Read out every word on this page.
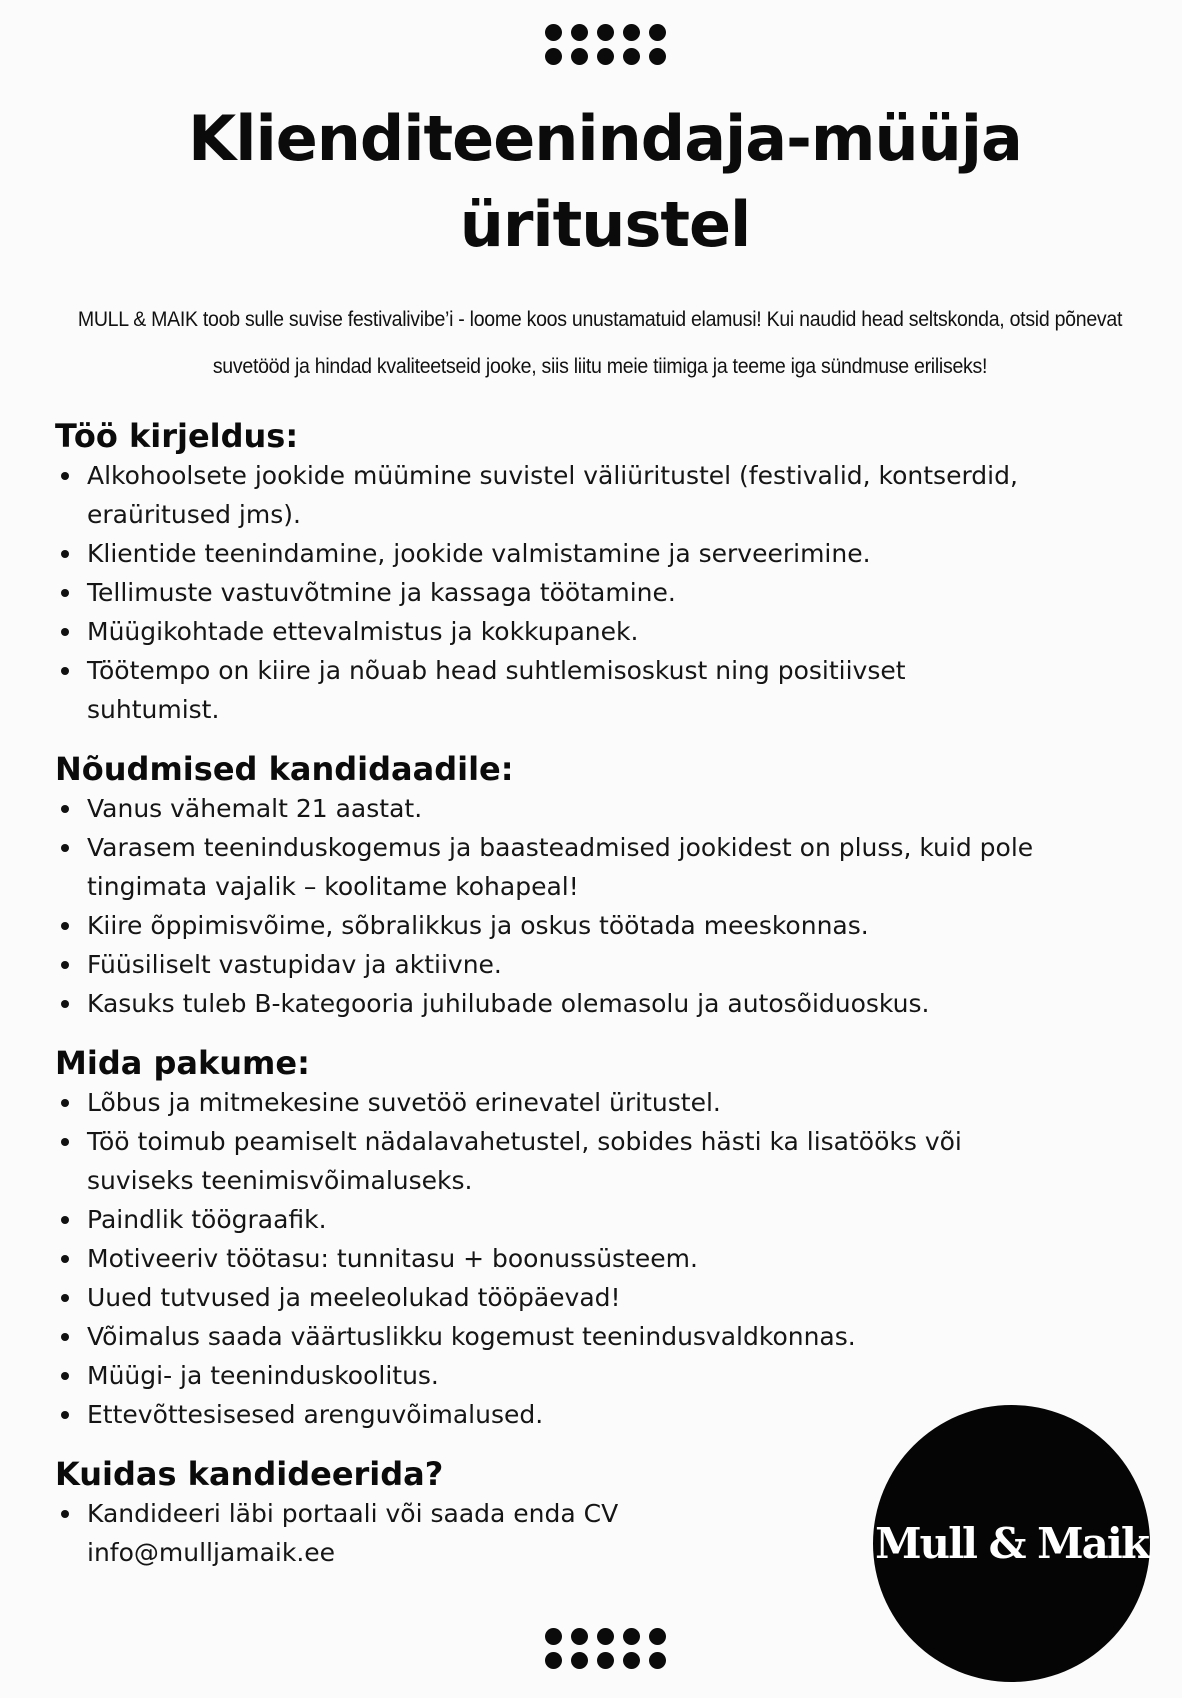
Klienditeenindaja-müüja üritustel

MULL & MAIK toob sulle suvise festivalivibe’i - loome koos unustamatuid elamusi! Kui naudid head seltskonda, otsid põnevat suvetööd ja hindad kvaliteetseid jooke, siis liitu meie tiimiga ja teeme iga sündmuse eriliseks!

Töö kirjeldus:
Alkohoolsete jookide müümine suvistel väliüritustel (festivalid, kontserdid, eraüritused jms).
Klientide teenindamine, jookide valmistamine ja serveerimine.
Tellimuste vastuvõtmine ja kassaga töötamine.
Müügikohtade ettevalmistus ja kokkupanek.
Töötempo on kiire ja nõuab head suhtlemisoskust ning positiivset suhtumist.
Nõudmised kandidaadile:
Vanus vähemalt 21 aastat.
Varasem teeninduskogemus ja baasteadmised jookidest on pluss, kuid pole tingimata vajalik – koolitame kohapeal!
Kiire õppimisvõime, sõbralikkus ja oskus töötada meeskonnas.
Füüsiliselt vastupidav ja aktiivne.
Kasuks tuleb B-kategooria juhilubade olemasolu ja autosõiduoskus.
Mida pakume:
Lõbus ja mitmekesine suvetöö erinevatel üritustel.
Töö toimub peamiselt nädalavahetustel, sobides hästi ka lisatööks või suviseks teenimisvõimaluseks.
Paindlik töögraafik.
Motiveeriv töötasu: tunnitasu + boonussüsteem.
Uued tutvused ja meeleolukad tööpäevad!
Võimalus saada väärtuslikku kogemust teenindusvaldkonnas.
Müügi- ja teeninduskoolitus.
Ettevõttesisesed arenguvõimalused.
Kuidas kandideerida?
Kandideeri läbi portaali või saada enda CV info@mulljamaik.ee	Mull & Maik
